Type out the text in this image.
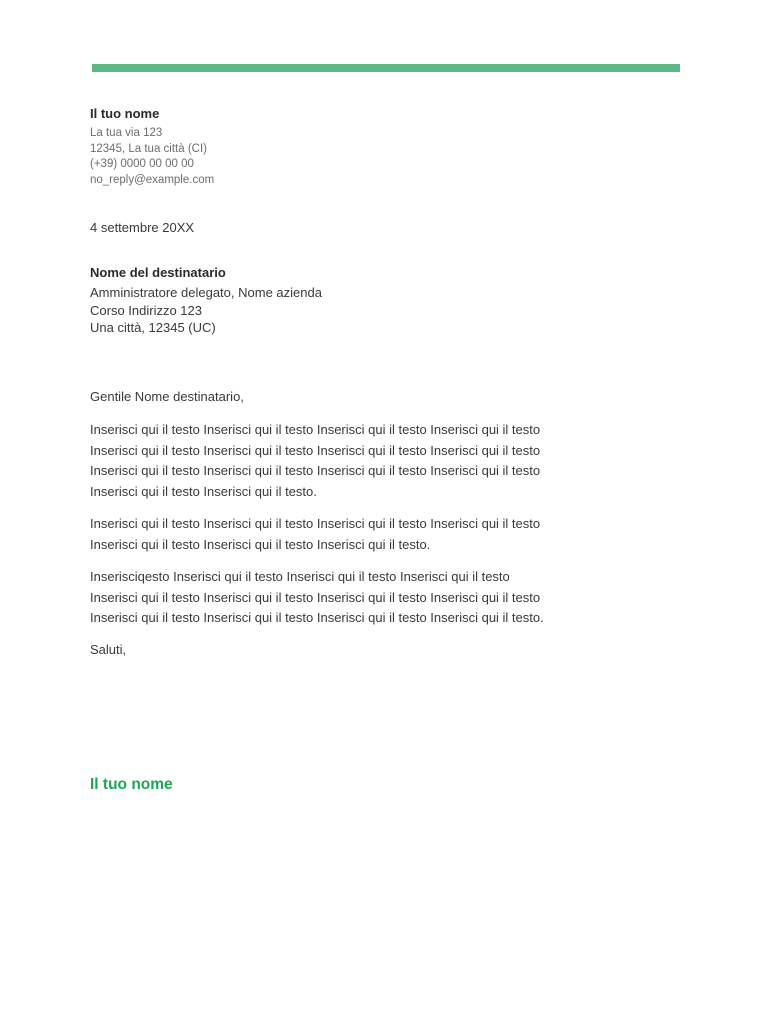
Il tuo nome
La tua via 123
12345, La tua città (CI)
(+39) 0000 00 00 00
no_reply@example.com
4 settembre 20XX
Nome del destinatario
Amministratore delegato, Nome azienda
Corso Indirizzo 123
Una città, 12345 (UC)
Gentile Nome destinatario,
Inserisci qui il testo Inserisci qui il testo Inserisci qui il testo Inserisci qui il testo
Inserisci qui il testo Inserisci qui il testo Inserisci qui il testo Inserisci qui il testo
Inserisci qui il testo Inserisci qui il testo Inserisci qui il testo Inserisci qui il testo
Inserisci qui il testo Inserisci qui il testo.
Inserisci qui il testo Inserisci qui il testo Inserisci qui il testo Inserisci qui il testo
Inserisci qui il testo Inserisci qui il testo Inserisci qui il testo.
Inserisciqesto Inserisci qui il testo Inserisci qui il testo Inserisci qui il testo
Inserisci qui il testo Inserisci qui il testo Inserisci qui il testo Inserisci qui il testo
Inserisci qui il testo Inserisci qui il testo Inserisci qui il testo Inserisci qui il testo.
Saluti,
Il tuo nome
